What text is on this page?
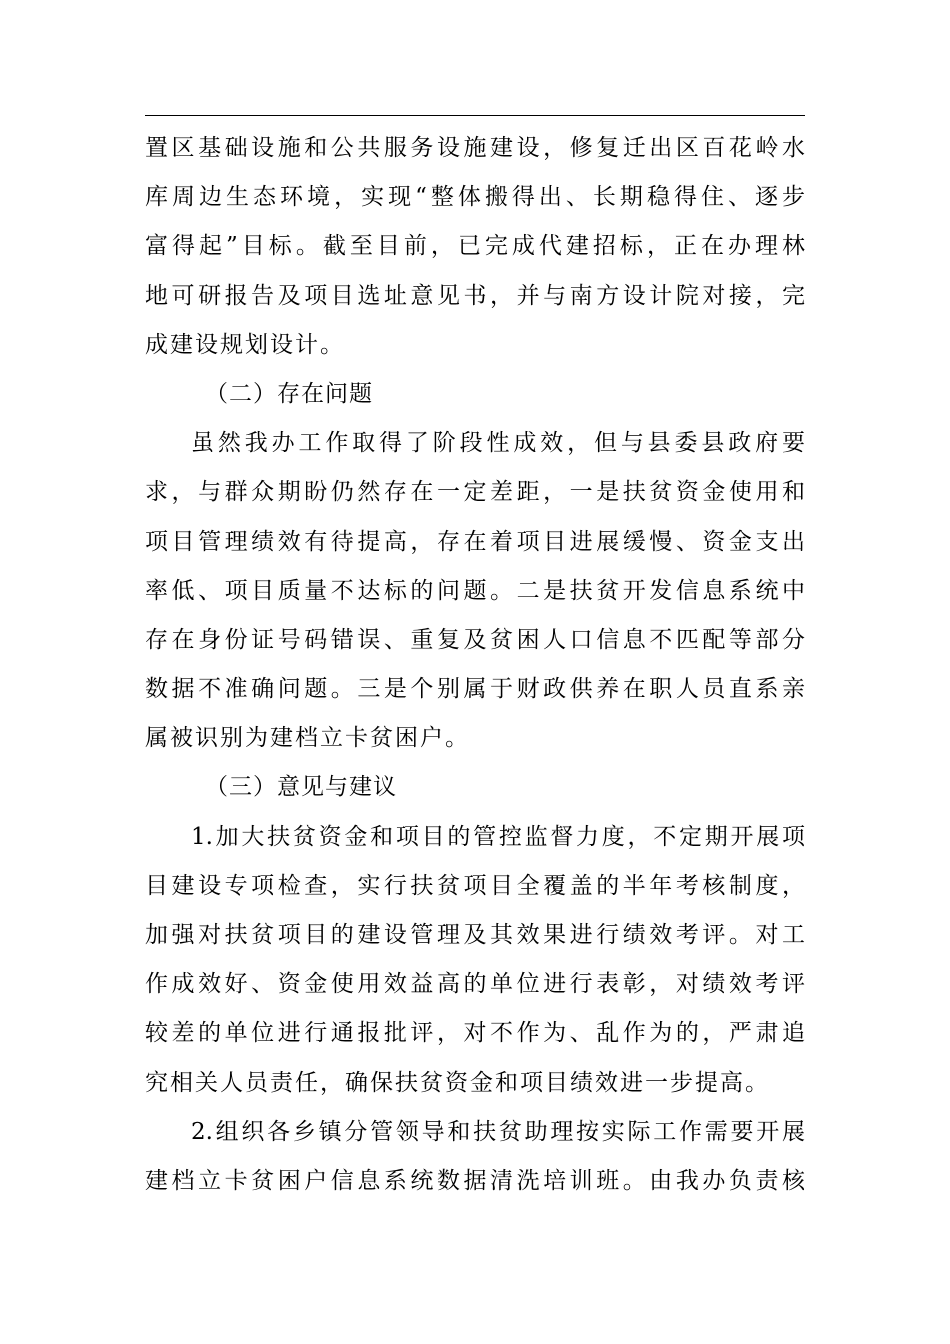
置区基础设施和公共服务设施建设，修复迁出区百花岭水
库周边生态环境，实现“整体搬得出、长期稳得住、逐步
富得起”目标。截至目前，已完成代建招标，正在办理林
地可研报告及项目选址意见书，并与南方设计院对接，完
成建设规划设计。
（二）存在问题
虽然我办工作取得了阶段性成效，但与县委县政府要
求，与群众期盼仍然存在一定差距，一是扶贫资金使用和
项目管理绩效有待提高，存在着项目进展缓慢、资金支出
率低、项目质量不达标的问题。二是扶贫开发信息系统中
存在身份证号码错误、重复及贫困人口信息不匹配等部分
数据不准确问题。三是个别属于财政供养在职人员直系亲
属被识别为建档立卡贫困户。
（三）意见与建议
1.加大扶贫资金和项目的管控监督力度，不定期开展项
目建设专项检查，实行扶贫项目全覆盖的半年考核制度，
加强对扶贫项目的建设管理及其效果进行绩效考评。对工
作成效好、资金使用效益高的单位进行表彰，对绩效考评
较差的单位进行通报批评，对不作为、乱作为的，严肃追
究相关人员责任，确保扶贫资金和项目绩效进一步提高。
2.组织各乡镇分管领导和扶贫助理按实际工作需要开展
建档立卡贫困户信息系统数据清洗培训班。由我办负责核
